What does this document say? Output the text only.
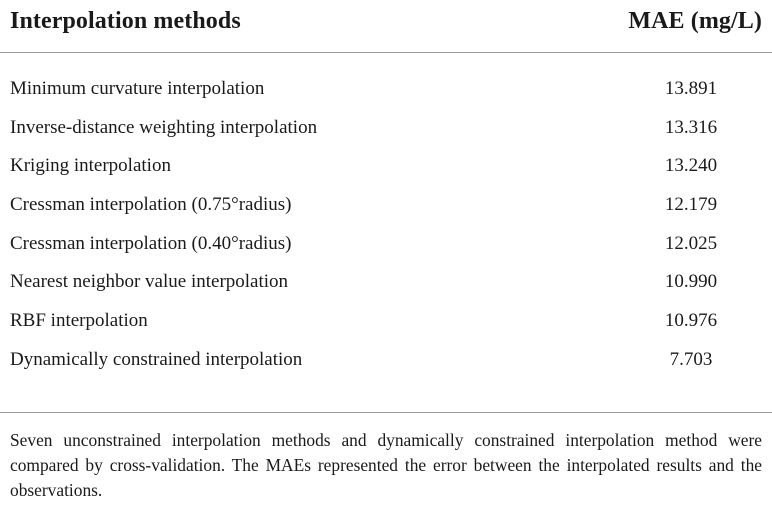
Interpolation methods	MAE (mg/L)
Minimum curvature interpolation	13.891
Inverse-distance weighting interpolation	13.316
Kriging interpolation	13.240
Cressman interpolation (0.75°radius)	12.179
Cressman interpolation (0.40°radius)	12.025
Nearest neighbor value interpolation	10.990
RBF interpolation	10.976
Dynamically constrained interpolation	7.703
Seven unconstrained interpolation methods and dynamically constrained interpolation method were compared by cross-validation. The MAEs represented the error between the interpolated results and the observations.
